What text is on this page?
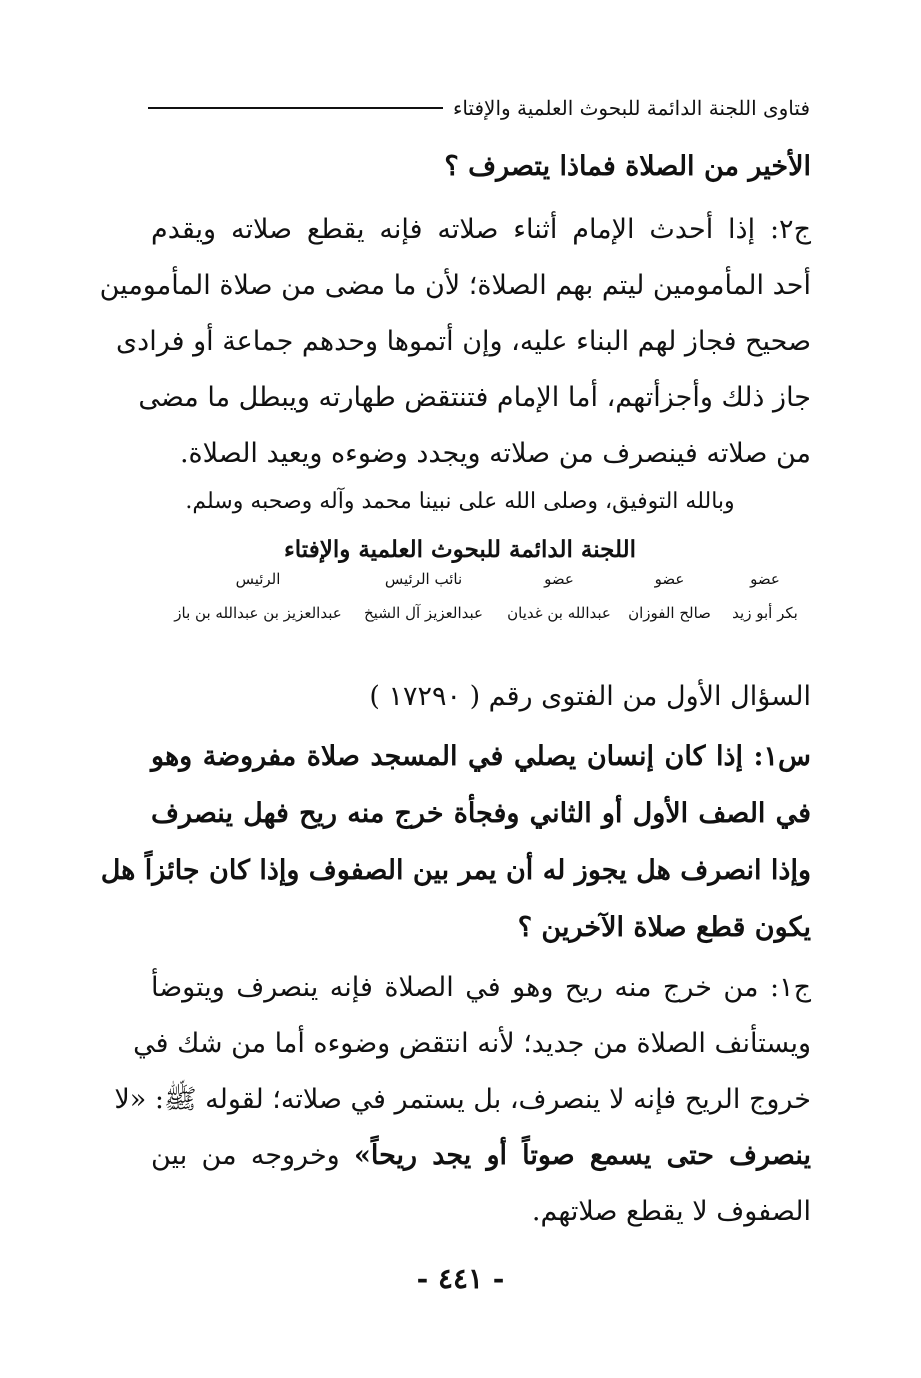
فتاوى اللجنة الدائمة للبحوث العلمية والإفتاء
الأخير من الصلاة فماذا يتصرف ؟
ج٢: إذا أحدث الإمام أثناء صلاته فإنه يقطع صلاته ويقدم
أحد المأمومين ليتم بهم الصلاة؛ لأن ما مضى من صلاة المأمومين
صحيح فجاز لهم البناء عليه، وإن أتموها وحدهم جماعة أو فرادى
جاز ذلك وأجزأتهم، أما الإمام فتنتقض طهارته ويبطل ما مضى
من صلاته فينصرف من صلاته ويجدد وضوءه ويعيد الصلاة.
وبالله التوفيق، وصلى الله على نبينا محمد وآله وصحبه وسلم.
اللجنة الدائمة للبحوث العلمية والإفتاء
عضو
عضو
عضو
نائب الرئيس
الرئيس
بكر أبو زيد
صالح الفوزان
عبدالله بن غديان
عبدالعزيز آل الشيخ
عبدالعزيز بن عبدالله بن باز
السؤال الأول من الفتوى رقم ( ١٧٢٩٠ )
س١: إذا كان إنسان يصلي في المسجد صلاة مفروضة وهو
في الصف الأول أو الثاني وفجأة خرج منه ريح فهل ينصرف
وإذا انصرف هل يجوز له أن يمر بين الصفوف وإذا كان جائزاً هل
يكون قطع صلاة الآخرين ؟
ج١: من خرج منه ريح وهو في الصلاة فإنه ينصرف ويتوضأ
ويستأنف الصلاة من جديد؛ لأنه انتقض وضوءه أما من شك في
خروج الريح فإنه لا ينصرف، بل يستمر في صلاته؛ لقوله ﷺ: «لا
ينصرف حتى يسمع صوتاً أو يجد ريحاً» وخروجه من بين
الصفوف لا يقطع صلاتهم.
- ٤٤١ -
